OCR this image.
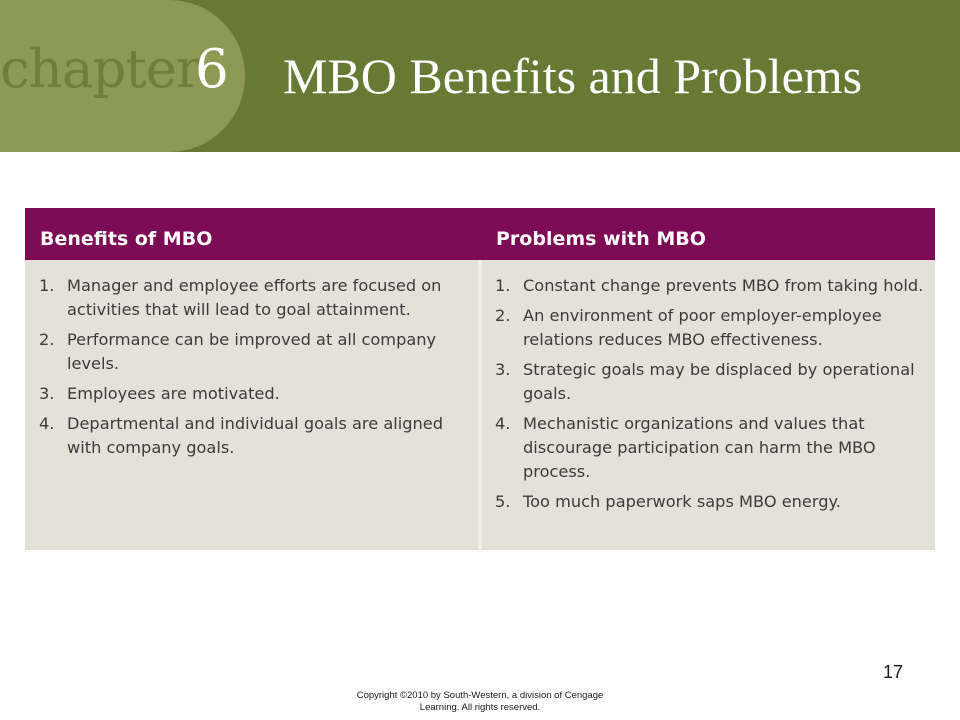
chapter
6 MBO Benefits and Problems
Benefits of MBO	Problems with MBO
1. Manager and employee efforts are focused on activities that will lead to goal attainment.
2. Performance can be improved at all company levels.
3. Employees are motivated.
4. Departmental and individual goals are aligned with company goals.
1. Constant change prevents MBO from taking hold.
2. An environment of poor employer-employee relations reduces MBO effectiveness.
3. Strategic goals may be displaced by operational goals.
4. Mechanistic organizations and values that discourage participation can harm the MBO process.
5. Too much paperwork saps MBO energy.
17
Copyright ©2010 by South-Western, a division of Cengage
Learning. All rights reserved.
